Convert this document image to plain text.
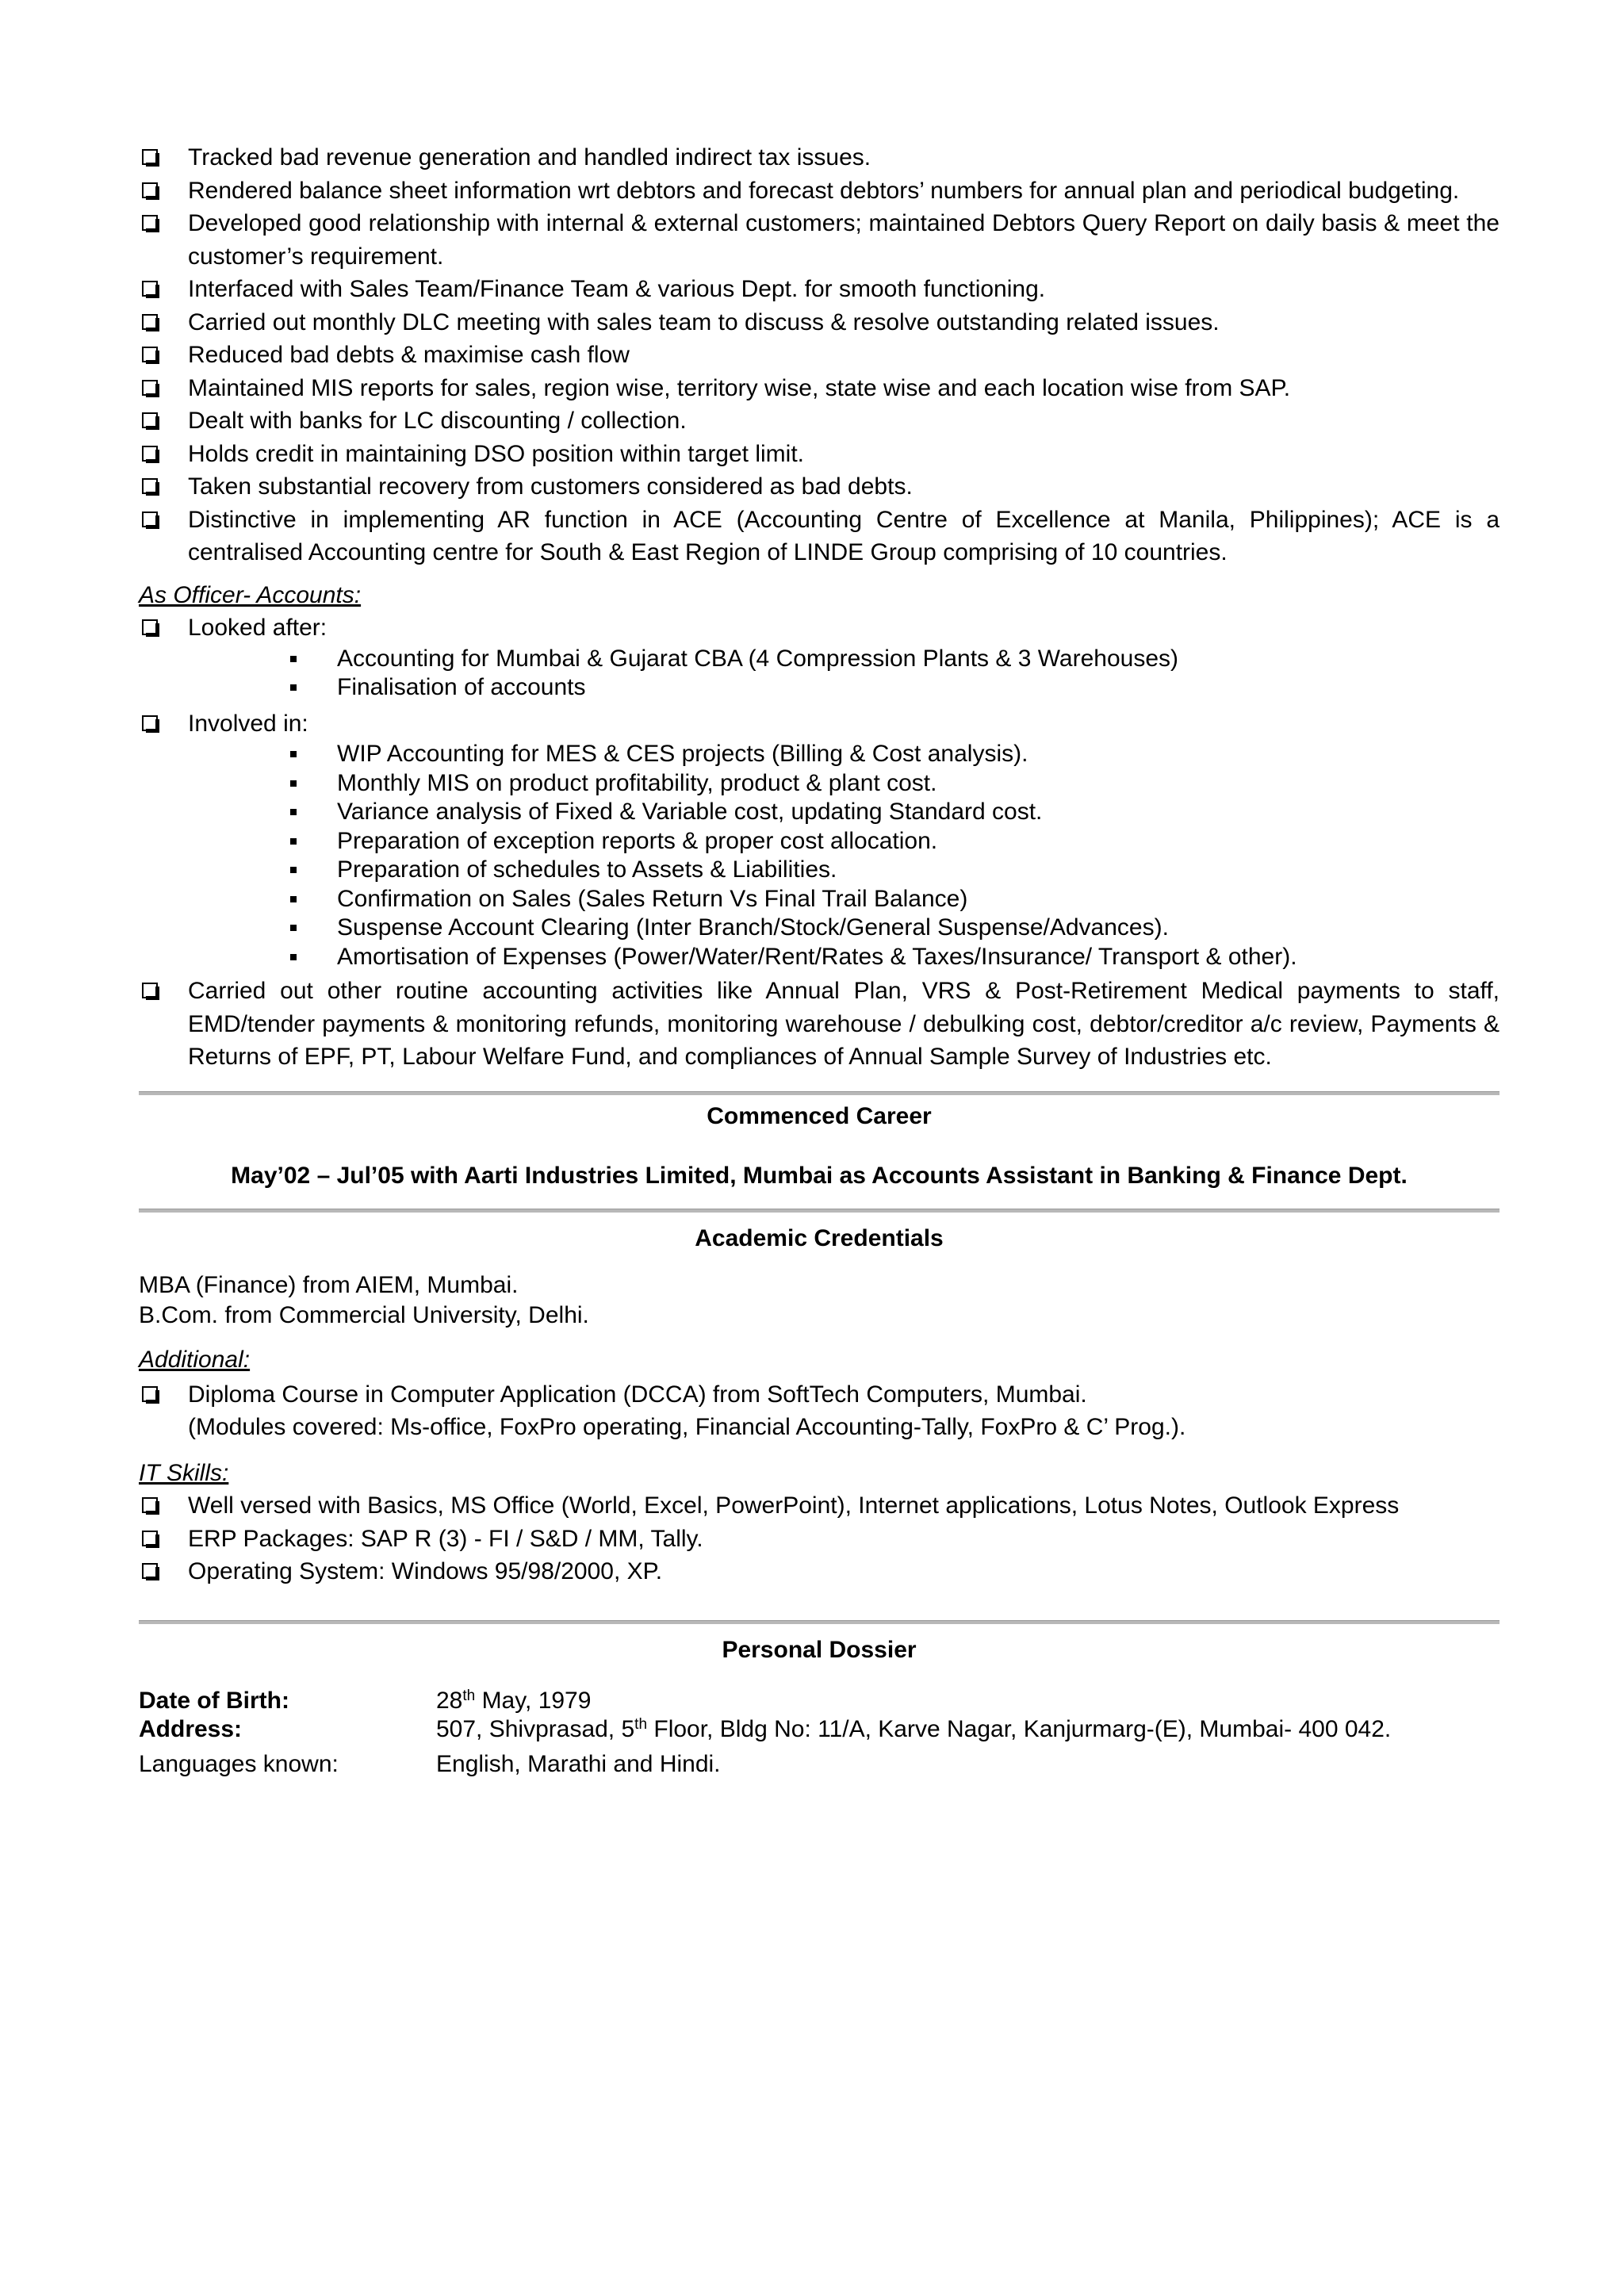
Tracked bad revenue generation and handled indirect tax issues.

Rendered balance sheet information wrt debtors and forecast debtors’ numbers for annual plan and periodical budgeting.

Developed good relationship with internal & external customers; maintained Debtors Query Report on daily basis & meet the customer’s requirement.

Interfaced with Sales Team/Finance Team & various Dept. for smooth functioning.

Carried out monthly DLC meeting with sales team to discuss & resolve outstanding related issues.

Reduced bad debts & maximise cash flow

Maintained MIS reports for sales, region wise, territory wise, state wise and each location wise from SAP.

Dealt with banks for LC discounting / collection.

Holds credit in maintaining DSO position within target limit.

Taken substantial recovery from customers considered as bad debts.

Distinctive in implementing AR function in ACE (Accounting Centre of Excellence at Manila, Philippines); ACE is a centralised Accounting centre for South & East Region of LINDE Group comprising of 10 countries.

As Officer- Accounts:

Looked after:

Accounting for Mumbai & Gujarat CBA (4 Compression Plants & 3 Warehouses)
Finalisation of accounts

Involved in:

WIP Accounting for MES & CES projects (Billing & Cost analysis).
Monthly MIS on product profitability, product & plant cost.
Variance analysis of Fixed & Variable cost, updating Standard cost.
Preparation of exception reports & proper cost allocation.
Preparation of schedules to Assets & Liabilities.
Confirmation on Sales (Sales Return Vs Final Trail Balance)
Suspense Account Clearing (Inter Branch/Stock/General Suspense/Advances).
Amortisation of Expenses (Power/Water/Rent/Rates & Taxes/Insurance/ Transport & other).

Carried out other routine accounting activities like Annual Plan, VRS & Post-Retirement Medical payments to staff, EMD/tender payments & monitoring refunds, monitoring warehouse / debulking cost, debtor/creditor a/c review, Payments & Returns of EPF, PT, Labour Welfare Fund, and compliances of Annual Sample Survey of Industries etc.

Commenced Career

May’02 – Jul’05 with Aarti Industries Limited, Mumbai as Accounts Assistant in Banking & Finance Dept.

Academic Credentials

MBA (Finance) from AIEM, Mumbai.

B.Com. from Commercial University, Delhi.

Additional:

Diploma Course in Computer Application (DCCA) from SoftTech Computers, Mumbai.

(Modules covered: Ms-office, FoxPro operating, Financial Accounting-Tally, FoxPro & C’ Prog.).

IT Skills:

Well versed with Basics, MS Office (World, Excel, PowerPoint), Internet applications, Lotus Notes, Outlook Express

ERP Packages: SAP R (3) - FI / S&D / MM, Tally.

Operating System: Windows 95/98/2000, XP.

Personal Dossier

Date of Birth:	28th May, 1979
Address:	507, Shivprasad, 5th Floor, Bldg No: 11/A, Karve Nagar, Kanjurmarg-(E), Mumbai- 400 042.
Languages known:	English, Marathi and Hindi.
